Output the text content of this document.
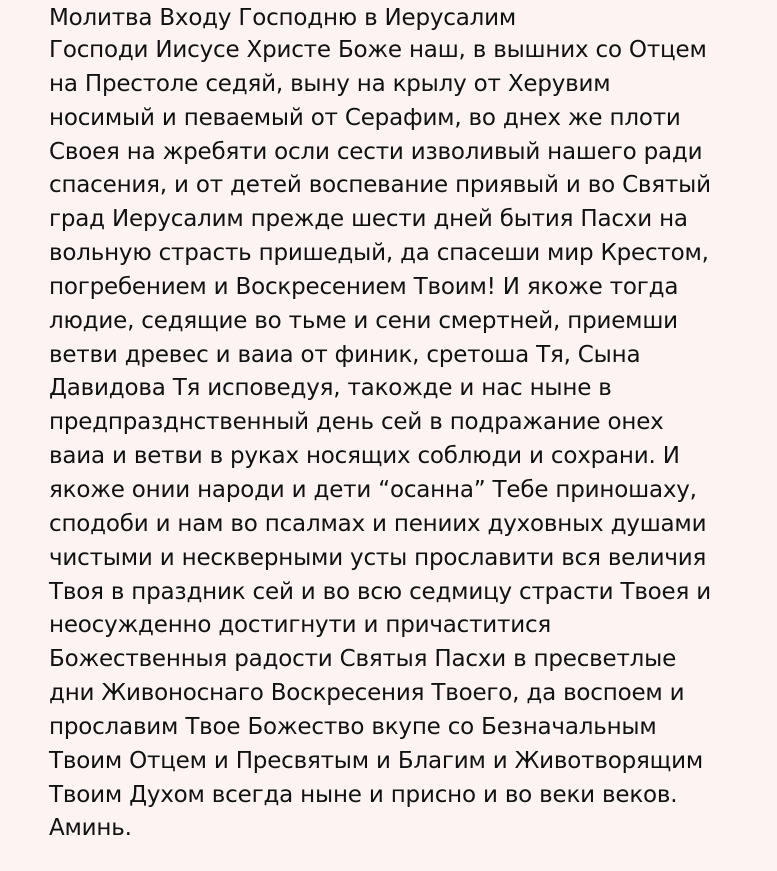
Молитва Входу Господню в Иерусалим

Господи Иисусе Христе Боже наш, в вышних со Отцем
на Престоле седяй, выну на крылу от Херувим
носимый и певаемый от Серафим, во днех же плоти
Своея на жребяти осли сести изволивый нашего ради
спасения, и от детей воспевание приявый и во Святый
град Иерусалим прежде шести дней бытия Пасхи на
вольную страсть пришедый, да спасеши мир Крестом,
погребением и Воскресением Твоим! И якоже тогда
людие, седящие во тьме и сени смертней, приемши
ветви древес и ваиа от финик, сретоша Тя, Сына
Давидова Тя исповедуя, такожде и нас ныне в
предпразднственный день сей в подражание онех
ваиа и ветви в руках носящих соблюди и сохрани. И
якоже онии народи и дети “осанна” Тебе приношаху,
сподоби и нам во псалмах и пениих духовных душами
чистыми и нескверными усты прославити вся величия
Твоя в праздник сей и во всю седмицу страсти Твоея и
неосужденно достигнути и причаститися
Божественныя радости Святыя Пасхи в пресветлые
дни Живоноснаго Воскресения Твоего, да воспоем и
прославим Твое Божество вкупе со Безначальным
Твоим Отцем и Пресвятым и Благим и Животворящим
Твоим Духом всегда ныне и присно и во веки веков.
Аминь.
